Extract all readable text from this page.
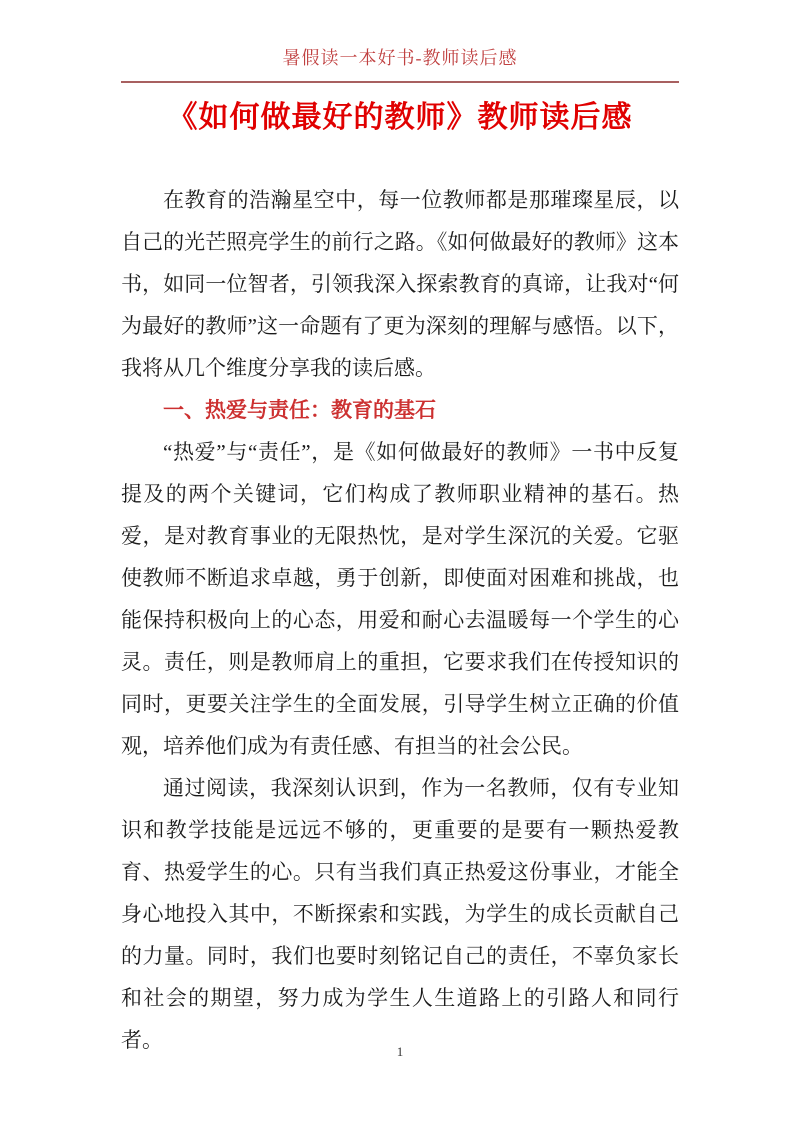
暑假读一本好书-教师读后感
《如何做最好的教师》教师读后感

在教育的浩瀚星空中，每一位教师都是那璀璨星辰，以自己的光芒照亮学生的前行之路。《如何做最好的教师》这本书，如同一位智者，引领我深入探索教育的真谛，让我对“何为最好的教师”这一命题有了更为深刻的理解与感悟。以下，我将从几个维度分享我的读后感。

一、热爱与责任：教育的基石

“热爱”与“责任”，是《如何做最好的教师》一书中反复提及的两个关键词，它们构成了教师职业精神的基石。热爱，是对教育事业的无限热忱，是对学生深沉的关爱。它驱使教师不断追求卓越，勇于创新，即使面对困难和挑战，也能保持积极向上的心态，用爱和耐心去温暖每一个学生的心灵。责任，则是教师肩上的重担，它要求我们在传授知识的同时，更要关注学生的全面发展，引导学生树立正确的价值观，培养他们成为有责任感、有担当的社会公民。

通过阅读，我深刻认识到，作为一名教师，仅有专业知识和教学技能是远远不够的，更重要的是要有一颗热爱教育、热爱学生的心。只有当我们真正热爱这份事业，才能全身心地投入其中，不断探索和实践，为学生的成长贡献自己的力量。同时，我们也要时刻铭记自己的责任，不辜负家长和社会的期望，努力成为学生人生道路上的引路人和同行者。	1
